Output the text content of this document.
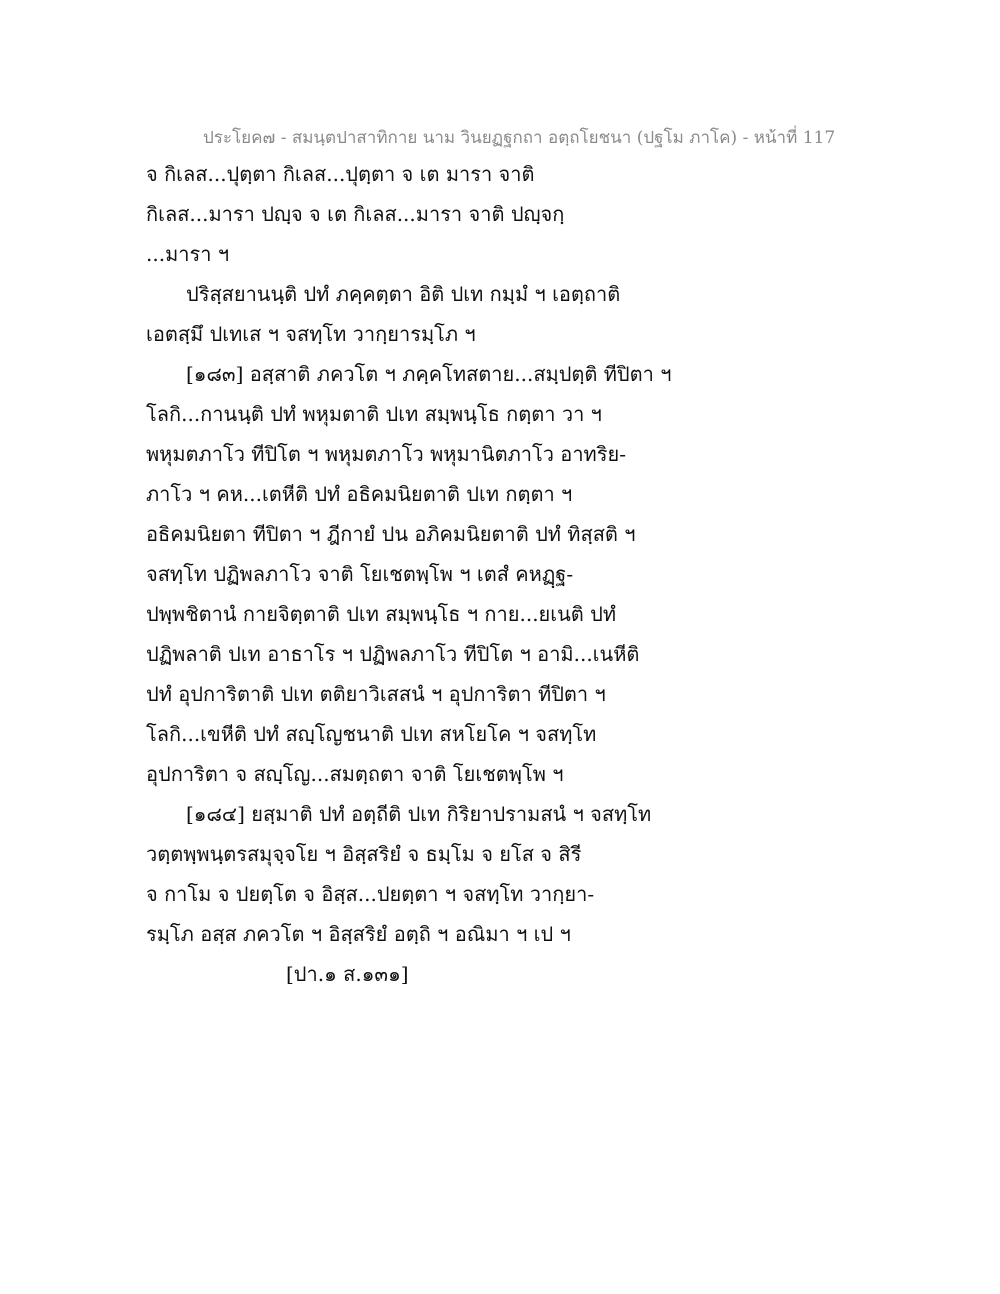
ประโยค๗ - สมนฺตปาสาทิกาย นาม วินยฏฐกถา อตฺถโยชนา (ปฐโม ภาโค) - หน้าที่ 117
จ กิเลส...ปุตฺตา กิเลส...ปุตฺตา จ เต มารา จาติ
กิเลส...มารา ปญฺจ จ เต กิเลส...มารา จาติ ปญฺจกฺ
...มารา ฯ
ปริสฺสยานนฺติ ปทํ ภคฺคตฺตา อิติ ปเท กมฺมํ ฯ เอตฺถาติ
เอตสฺมึ ปเทเส ฯ จสทฺโท วากฺยารมฺโภ ฯ
[๑๘๓] อสฺสาติ ภควโต ฯ ภคฺคโทสตาย...สมฺปตฺติ ทีปิตา ฯ
โลกิ...กานนฺติ ปทํ พหุมตาติ ปเท สมฺพนฺโธ กตฺตา วา ฯ
พหุมตภาโว ทีปิโต ฯ พหุมตภาโว พหุมานิตภาโว อาทริย-
ภาโว ฯ คห...เตหีติ ปทํ อธิคมนิยตาติ ปเท กตฺตา ฯ
อธิคมนิยตา ทีปิตา ฯ ฎีกายํ ปน อภิคมนิยตาติ ปทํ ทิสฺสติ ฯ
จสทฺโท ปฏิพลภาโว จาติ โยเชตพฺโพ ฯ เตสํ คหฏฺฐ-
ปพฺพชิตานํ กายจิตฺตาติ ปเท สมฺพนฺโธ ฯ กาย...ยเนติ ปทํ
ปฏิพลาติ ปเท อาธาโร ฯ ปฏิพลภาโว ทีปิโต ฯ อามิ...เนหีติ
ปทํ อุปการิตาติ ปเท ตติยาวิเสสนํ ฯ อุปการิตา ทีปิตา ฯ
โลกิ...เขหีติ ปทํ สญฺโญชนาติ ปเท สหโยโค ฯ จสทฺโท
อุปการิตา จ สญฺโญ...สมตฺถตา จาติ โยเชตพฺโพ ฯ
[๑๘๔] ยสฺมาติ ปทํ อตฺถีติ ปเท กิริยาปรามสนํ ฯ จสทฺโท
วตฺตพฺพนฺตรสมุจฺจโย ฯ อิสฺสริยํ จ ธมฺโม จ ยโส จ สิรี
จ กาโม จ ปยตฺโต จ อิสฺส...ปยตฺตา ฯ จสทฺโท วากฺยา-
รมฺโภ อสฺส ภควโต ฯ อิสฺสริยํ อตฺถิ ฯ อณิมา ฯ เป ฯ
[ปา.๑ ส.๑๓๑]
